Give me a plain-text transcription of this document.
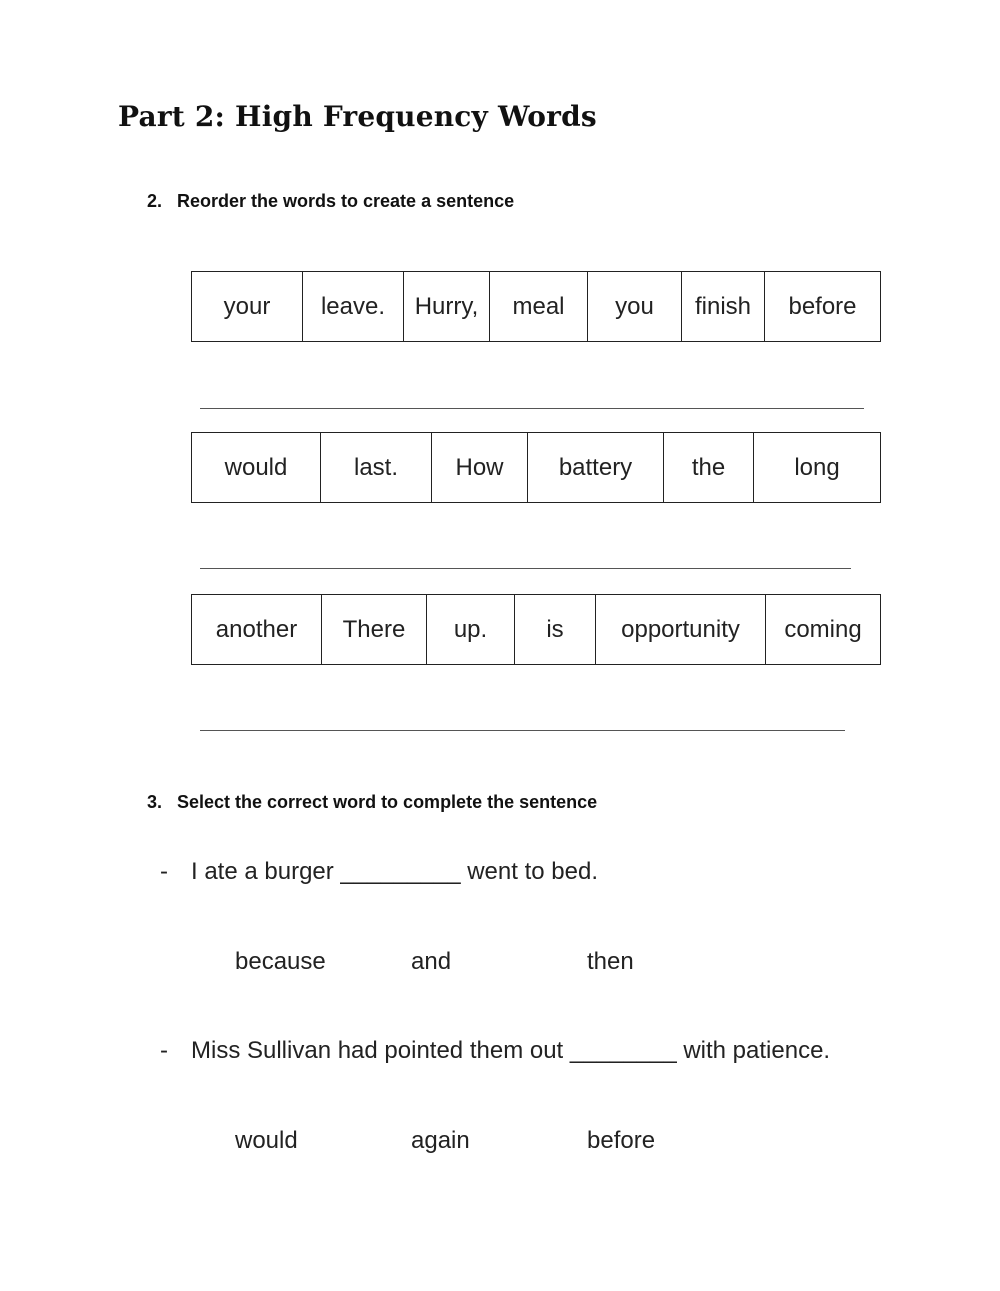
Part 2: High Frequency Words
2. Reorder the words to create a sentence
your	leave.	Hurry,	meal	you	finish	before
would	last.	How	battery	the	long
another	There	up.	is	opportunity	coming
3. Select the correct word to complete the sentence
- I ate a burger _________ went to bed.
because	and	then
- Miss Sullivan had pointed them out ________ with patience.
would	again	before
